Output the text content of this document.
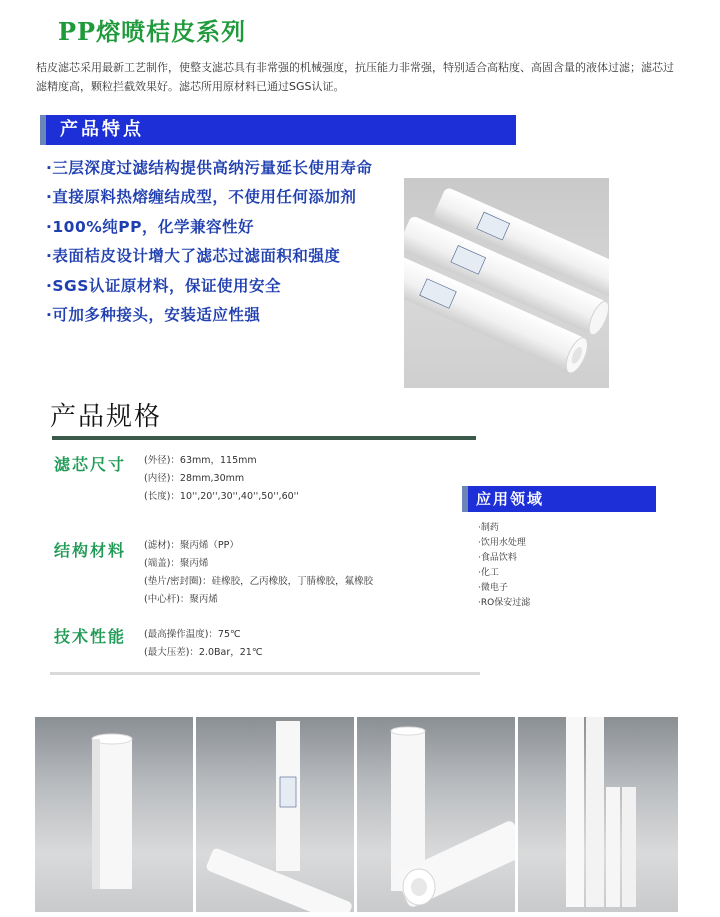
PP熔喷桔皮系列
桔皮滤芯采用最新工艺制作，使整支滤芯具有非常强的机械强度，抗压能力非常强，特别适合高粘度、高固含量的液体过滤；滤芯过滤精度高，颗粒拦截效果好。滤芯所用原材料已通过SGS认证。
产品特点
·三层深度过滤结构提供高纳污量延长使用寿命
·直接原料热熔缠结成型，不使用任何添加剂
·100%纯PP，化学兼容性好
·表面桔皮设计增大了滤芯过滤面积和强度
·SGS认证原材料，保证使用安全
·可加多种接头，安装适应性强
产品规格
滤芯尺寸 (外径)：63mm，115mm
(内径)：28mm,30mm
(长度)：10'',20'',30'',40'',50'',60''
结构材料 (滤材)：聚丙烯（PP）
(端盖)：聚丙烯
(垫片/密封圈)：硅橡胶，乙丙橡胶，丁腈橡胶，氟橡胶
(中心杆)：聚丙烯
技术性能 (最高操作温度)：75℃
(最大压差)：2.0Bar，21℃
应用领域
·制药
·饮用水处理
·食品饮料
·化工
·微电子
·RO保安过滤
